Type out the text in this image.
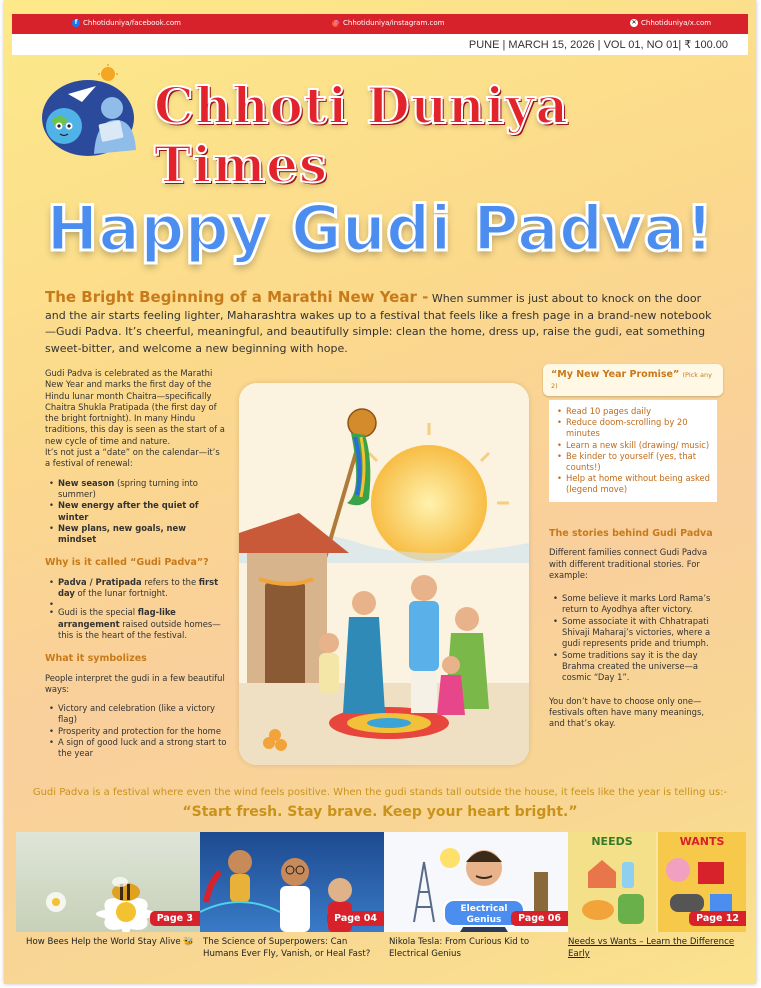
f Chhotiduniya/facebook.com	◎ Chhotiduniya/instagram.com	✕ Chhotiduniya/x.com
PUNE | MARCH 15, 2026 | VOL 01, NO 01| ₹ 100.00
Chhoti Duniya Times
Happy Gudi Padva!
The Bright Beginning of a Marathi New Year - When summer is just about to knock on the door and the air starts feeling lighter, Maharashtra wakes up to a festival that feels like a fresh page in a brand-new notebook—Gudi Padva. It’s cheerful, meaningful, and beautifully simple: clean the home, dress up, raise the gudi, eat something sweet-bitter, and welcome a new beginning with hope.

Gudi Padva is celebrated as the Marathi New Year and marks the first day of the Hindu lunar month Chaitra—specifically Chaitra Shukla Pratipada (the first day of the bright fortnight). In many Hindu traditions, this day is seen as the start of a new cycle of time and nature.

It’s not just a “date” on the calendar—it’s a festival of renewal:

• New season (spring turning into summer)
• New energy after the quiet of winter
• New plans, new goals, new mindset
Why is it called “Gudi Padva”?
• Padva / Pratipada refers to the first day of the lunar fortnight.
•
• Gudi is the special flag-like arrangement raised outside homes—this is the heart of the festival.
What it symbolizes

People interpret the gudi in a few beautiful ways:

• Victory and celebration (like a victory flag)
• Prosperity and protection for the home
• A sign of good luck and a strong start to the year
“My New Year Promise” (Pick any 2)
• Read 10 pages daily
• Reduce doom-scrolling by 20 minutes
• Learn a new skill (drawing/ music)
• Be kinder to yourself (yes, that counts!)
• Help at home without being asked (legend move)
The stories behind Gudi Padva

Different families connect Gudi Padva with different traditional stories. For example:

• Some believe it marks Lord Rama’s return to Ayodhya after victory.
• Some associate it with Chhatrapati Shivaji Maharaj’s victories, where a gudi represents pride and triumph.
• Some traditions say it is the day Brahma created the universe—a cosmic “Day 1”.

You don’t have to choose only one—festivals often have many meanings, and that’s okay.

Gudi Padva is a festival where even the wind feels positive. When the gudi stands tall outside the house, it feels like the year is telling us:-
“Start fresh. Stay brave. Keep your heart bright.”
Page 3	Page 04
Electrical
Genius	Page 06
NEEDS	WANTS
Page 12
How Bees Help the World Stay Alive 🐝	The Science of Superpowers: Can Humans Ever Fly, Vanish, or Heal Fast?
Nikola Tesla: From Curious Kid to Electrical Genius
Needs vs Wants – Learn the Difference Early
